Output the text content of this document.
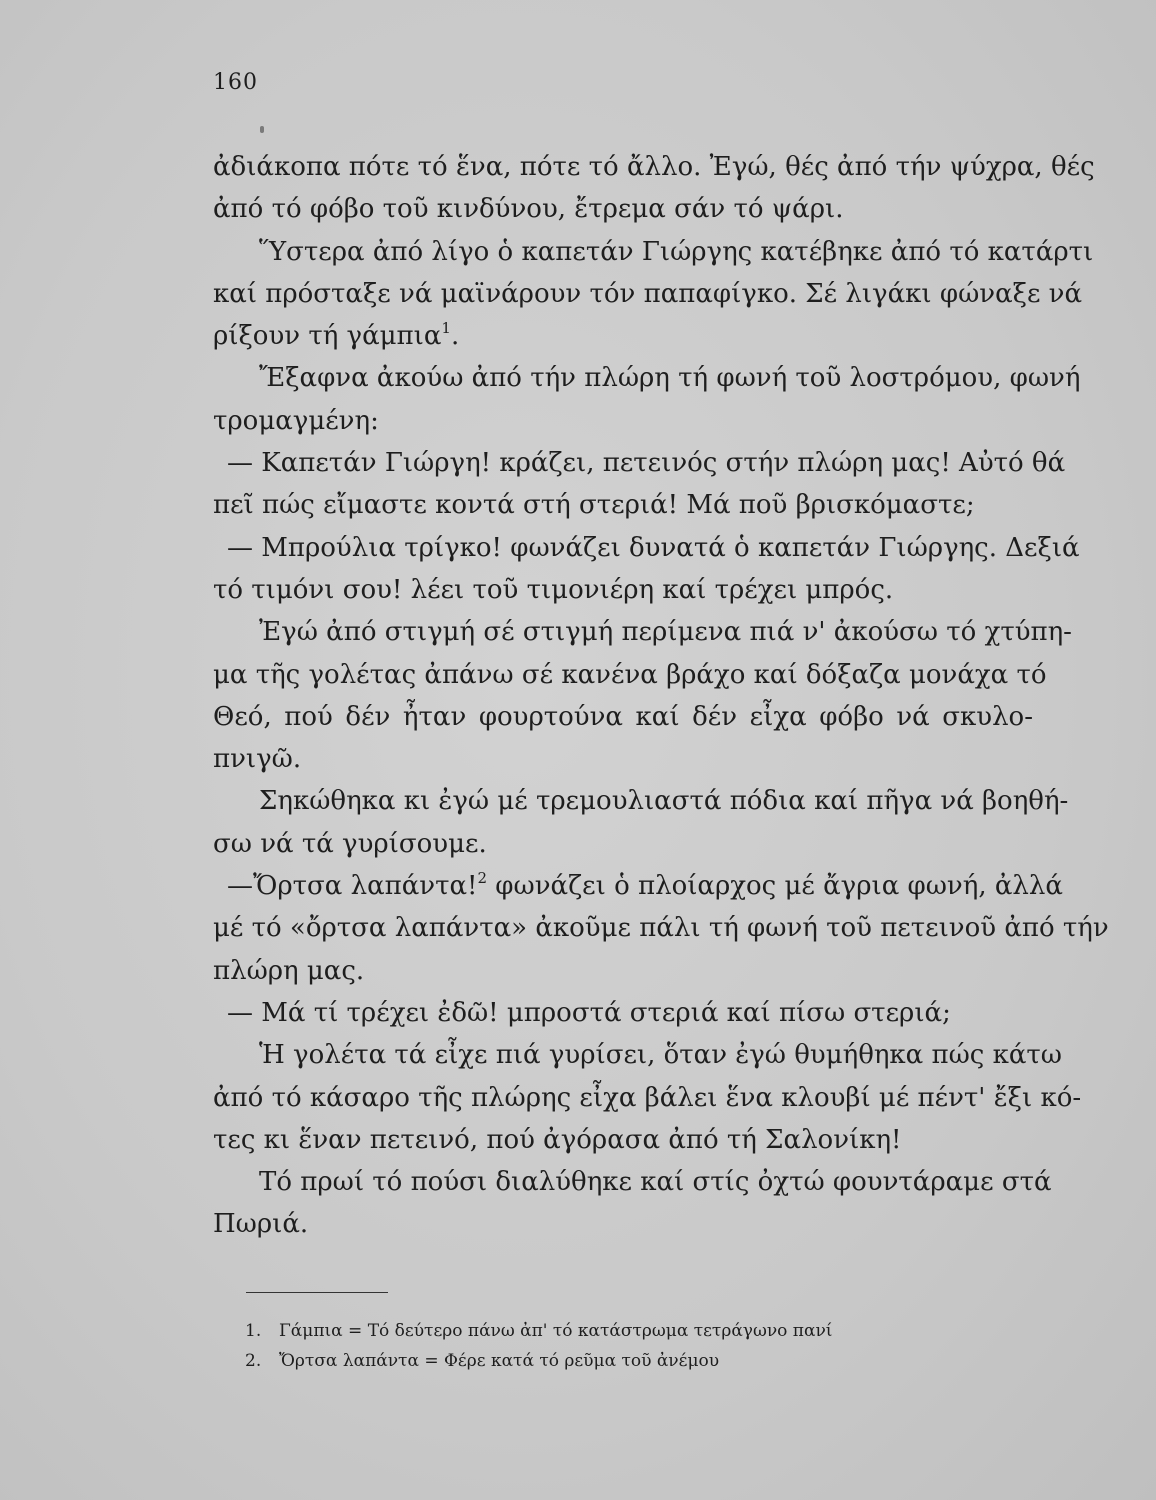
160
ἀδιάκοπα πότε τό ἕνα, πότε τό ἄλλο. Ἐγώ, θές ἀπό τήν ψύχρα, θές
ἀπό τό φόβο τοῦ κινδύνου, ἔτρεμα σάν τό ψάρι.
Ὕστερα ἀπό λίγο ὁ καπετάν Γιώργης κατέβηκε ἀπό τό κατάρτι
καί πρόσταξε νά μαϊνάρουν τόν παπαφίγκο. Σέ λιγάκι φώναξε νά
ρίξουν τή γάμπια$^1$.
Ἔξαφνα ἀκούω ἀπό τήν πλώρη τή φωνή τοῦ λοστρόμου, φωνή
τρομαγμένη:
— Καπετάν Γιώργη! κράζει, πετεινός στήν πλώρη μας! Αὐτό θά
πεῖ πώς εἴμαστε κοντά στή στεριά! Μά ποῦ βρισκόμαστε;
— Μπρούλια τρίγκο! φωνάζει δυνατά ὁ καπετάν Γιώργης. Δεξιά
τό τιμόνι σου! λέει τοῦ τιμονιέρη καί τρέχει μπρός.
Ἐγώ ἀπό στιγμή σέ στιγμή περίμενα πιά ν' ἀκούσω τό χτύπη-
μα τῆς γολέτας ἀπάνω σέ κανένα βράχο καί δόξαζα μονάχα τό
Θεό, πού δέν ἦταν φουρτούνα καί δέν εἶχα φόβο νά σκυλο-
πνιγῶ.
Σηκώθηκα κι ἐγώ μέ τρεμουλιαστά πόδια καί πῆγα νά βοηθή-
σω νά τά γυρίσουμε.
—Ὄρτσα λαπάντα!$^2$ φωνάζει ὁ πλοίαρχος μέ ἄγρια φωνή, ἀλλά
μέ τό «ὄρτσα λαπάντα» ἀκοῦμε πάλι τή φωνή τοῦ πετεινοῦ ἀπό τήν
πλώρη μας.
— Μά τί τρέχει ἐδῶ! μπροστά στεριά καί πίσω στεριά;
Ἡ γολέτα τά εἶχε πιά γυρίσει, ὅταν ἐγώ θυμήθηκα πώς κάτω
ἀπό τό κάσαρο τῆς πλώρης εἶχα βάλει ἕνα κλουβί μέ πέντ' ἔξι κό-
τες κι ἕναν πετεινό, πού ἀγόρασα ἀπό τή Σαλονίκη!
Τό πρωί τό πούσι διαλύθηκε καί στίς ὀχτώ φουντάραμε στά
Πωριά.
1. Γάμπια = Τό δεύτερο πάνω ἀπ' τό κατάστρωμα τετράγωνο πανί
2. Ὄρτσα λαπάντα = Φέρε κατά τό ρεῦμα τοῦ ἀνέμου
